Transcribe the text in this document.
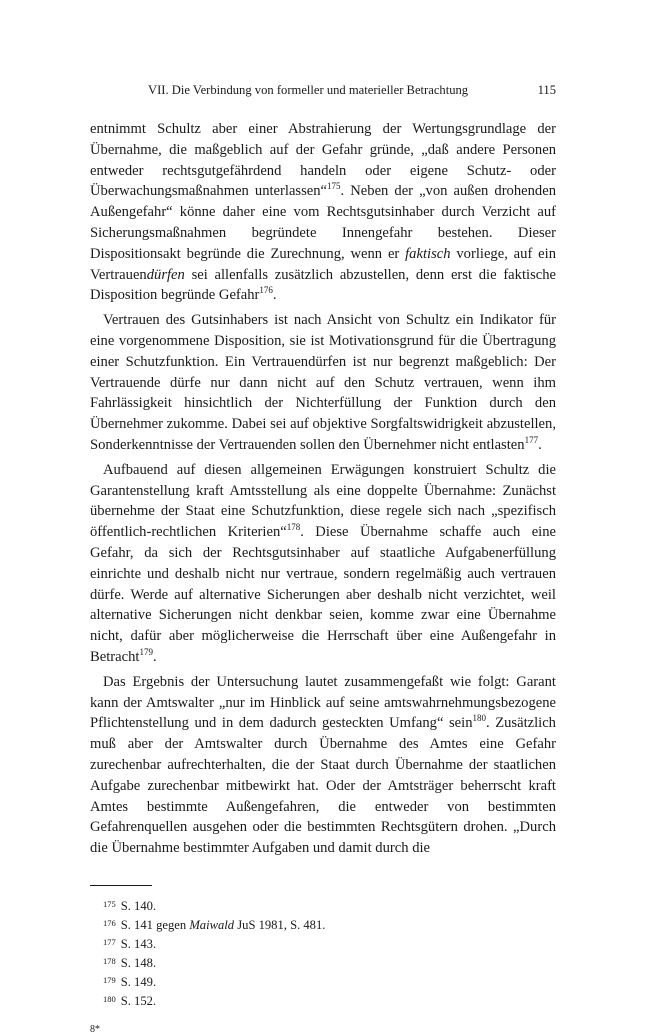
VII. Die Verbindung von formeller und materieller Betrachtung	115

entnimmt Schultz aber einer Abstrahierung der Wertungsgrundlage der Übernahme, die maßgeblich auf der Gefahr gründe, „daß andere Personen entweder rechtsgutgefährdend handeln oder eigene Schutz- oder Überwachungsmaßnahmen unterlassen“$^{175}$. Neben der „von außen drohenden Außengefahr“ könne daher eine vom Rechtsgutsinhaber durch Verzicht auf Sicherungsmaßnahmen begründete Innengefahr bestehen. Dieser Dispositionsakt begründe die Zurechnung, wenn er faktisch vorliege, auf ein Vertrauendürfen sei allenfalls zusätzlich abzustellen, denn erst die faktische Disposition begründe Gefahr$^{176}$.

Vertrauen des Gutsinhabers ist nach Ansicht von Schultz ein Indikator für eine vorgenommene Disposition, sie ist Motivationsgrund für die Übertragung einer Schutzfunktion. Ein Vertrauendürfen ist nur begrenzt maßgeblich: Der Vertrauende dürfe nur dann nicht auf den Schutz vertrauen, wenn ihm Fahrlässigkeit hinsichtlich der Nichterfüllung der Funktion durch den Übernehmer zukomme. Dabei sei auf objektive Sorgfaltswidrigkeit abzustellen, Sonderkenntnisse der Vertrauenden sollen den Übernehmer nicht entlasten$^{177}$.

Aufbauend auf diesen allgemeinen Erwägungen konstruiert Schultz die Garantenstellung kraft Amtsstellung als eine doppelte Übernahme: Zunächst übernehme der Staat eine Schutzfunktion, diese regele sich nach „spezifisch öffentlich-rechtlichen Kriterien“$^{178}$. Diese Übernahme schaffe auch eine Gefahr, da sich der Rechtsgutsinhaber auf staatliche Aufgabenerfüllung einrichte und deshalb nicht nur vertraue, sondern regelmäßig auch vertrauen dürfe. Werde auf alternative Sicherungen aber deshalb nicht verzichtet, weil alternative Sicherungen nicht denkbar seien, komme zwar eine Übernahme nicht, dafür aber möglicherweise die Herrschaft über eine Außengefahr in Betracht$^{179}$.

Das Ergebnis der Untersuchung lautet zusammengefaßt wie folgt: Garant kann der Amtswalter „nur im Hinblick auf seine amtswahrnehmungsbezogene Pflichtenstellung und in dem dadurch gesteckten Umfang“ sein$^{180}$. Zusätzlich muß aber der Amtswalter durch Übernahme des Amtes eine Gefahr zurechenbar aufrechterhalten, die der Staat durch Übernahme der staatlichen Aufgabe zurechenbar mitbewirkt hat. Oder der Amtsträger beherrscht kraft Amtes bestimmte Außengefahren, die entweder von bestimmten Gefahrenquellen ausgehen oder die bestimmten Rechtsgütern drohen. „Durch die Übernahme bestimmter Aufgaben und damit durch die

$^{175}$ S. 140.
$^{176}$ S. 141 gegen Maiwald JuS 1981, S. 481.
$^{177}$ S. 143.
$^{178}$ S. 148.
$^{179}$ S. 149.
$^{180}$ S. 152.
8*
